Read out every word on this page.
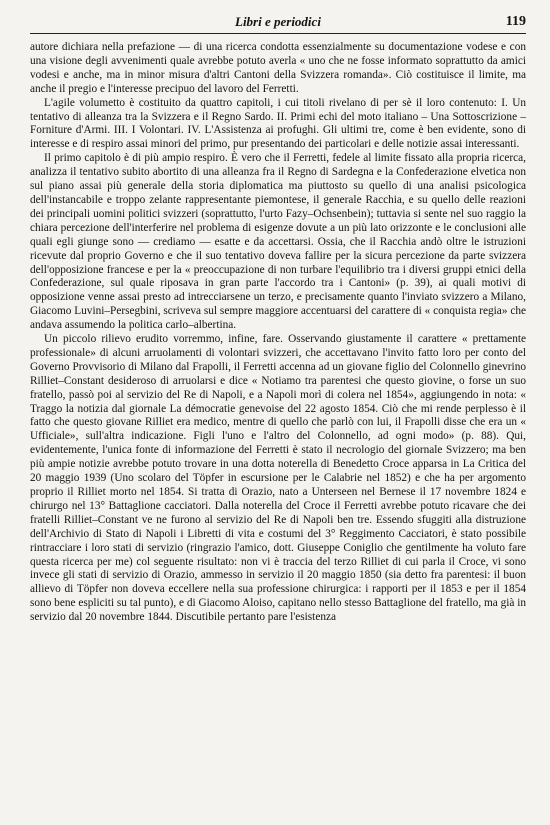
Libri e periodici	119

autore dichiara nella prefazione — di una ricerca condotta essenzialmente su documentazione vodese e con una visione degli avvenimenti quale avrebbe potuto averla « uno che ne fosse informato soprattutto da amici vodesi e anche, ma in minor misura d'altri Cantoni della Svizzera romanda». Ciò costituisce il limite, ma anche il pregio e l'interesse precipuo del lavoro del Ferretti.

L'agile volumetto è costituito da quattro capitoli, i cui titoli rivelano di per sè il loro contenuto: I. Un tentativo di alleanza tra la Svizzera e il Regno Sardo. II. Primi echi del moto italiano – Una Sottoscrizione – Forniture d'Armi. III. I Volontari. IV. L'Assistenza ai profughi. Gli ultimi tre, come è ben evidente, sono di interesse e di respiro assai minori del primo, pur presentando dei particolari e delle notizie assai interessanti.

Il primo capitolo è di più ampio respiro. È vero che il Ferretti, fedele al limite fissato alla propria ricerca, analizza il tentativo subito abortito di una alleanza fra il Regno di Sardegna e la Confederazione elvetica non sul piano assai più generale della storia diplomatica ma piuttosto su quello di una analisi psicologica dell'instancabile e troppo zelante rappresentante piemontese, il generale Racchia, e su quello delle reazioni dei principali uomini politici svizzeri (soprattutto, l'urto Fazy–Ochsenbein); tuttavia si sente nel suo raggio la chiara percezione dell'interferire nel problema di esigenze dovute a un più lato orizzonte e le conclusioni alle quali egli giunge sono — crediamo — esatte e da accettarsi. Ossia, che il Racchia andò oltre le istruzioni ricevute dal proprio Governo e che il suo tentativo doveva fallire per la sicura percezione da parte svizzera dell'opposizione francese e per la « preoccupazione di non turbare l'equilibrio tra i diversi gruppi etnici della Confederazione, sul quale riposava in gran parte l'accordo tra i Cantoni» (p. 39), ai quali motivi di opposizione venne assai presto ad intrecciarsene un terzo, e precisamente quanto l'inviato svizzero a Milano, Giacomo Luvini–Persegbini, scriveva sul sempre maggiore accentuarsi del carattere di « conquista regia» che andava assumendo la politica carlo–albertina.

Un piccolo rilievo erudito vorremmo, infine, fare. Osservando giustamente il carattere « prettamente professionale» di alcuni arruolamenti di volontari svizzeri, che accettavano l'invito fatto loro per conto del Governo Provvisorio di Milano dal Frapolli, il Ferretti accenna ad un giovane figlio del Colonnello ginevrino Rilliet–Constant desideroso di arruolarsi e dice « Notiamo tra parentesi che questo giovine, o forse un suo fratello, passò poi al servizio del Re di Napoli, e a Napoli morì di colera nel 1854», aggiungendo in nota: « Traggo la notizia dal giornale La démocratie genevoise del 22 agosto 1854. Ciò che mi rende perplesso è il fatto che questo giovane Rilliet era medico, mentre di quello che parlò con lui, il Frapolli disse che era un « Ufficiale», sull'altra indicazione. Figli l'uno e l'altro del Colonnello, ad ogni modo» (p. 88). Qui, evidentemente, l'unica fonte di informazione del Ferretti è stato il necrologio del giornale Svizzero; ma ben più ampie notizie avrebbe potuto trovare in una dotta noterella di Benedetto Croce apparsa in La Critica del 20 maggio 1939 (Uno scolaro del Töpfer in escursione per le Calabrie nel 1852) e che ha per argomento proprio il Rilliet morto nel 1854. Si tratta di Orazio, nato a Unterseen nel Bernese il 17 novembre 1824 e chirurgo nel 13° Battaglione cacciatori. Dalla noterella del Croce il Ferretti avrebbe potuto ricavare che dei fratelli Rilliet–Constant ve ne furono al servizio del Re di Napoli ben tre. Essendo sfuggiti alla distruzione dell'Archivio di Stato di Napoli i Libretti di vita e costumi del 3° Reggimento Cacciatori, è stato possibile rintracciare i loro stati di servizio (ringrazio l'amico, dott. Giuseppe Coniglio che gentilmente ha voluto fare questa ricerca per me) col seguente risultato: non vi è traccia del terzo Rilliet di cui parla il Croce, vi sono invece gli stati di servizio di Orazio, ammesso in servizio il 20 maggio 1850 (sia detto fra parentesi: il buon allievo di Töpfer non doveva eccellere nella sua professione chirurgica: i rapporti per il 1853 e per il 1854 sono bene espliciti su tal punto), e di Giacomo Aloiso, capitano nello stesso Battaglione del fratello, ma già in servizio dal 20 novembre 1844. Discutibile pertanto pare l'esistenza
